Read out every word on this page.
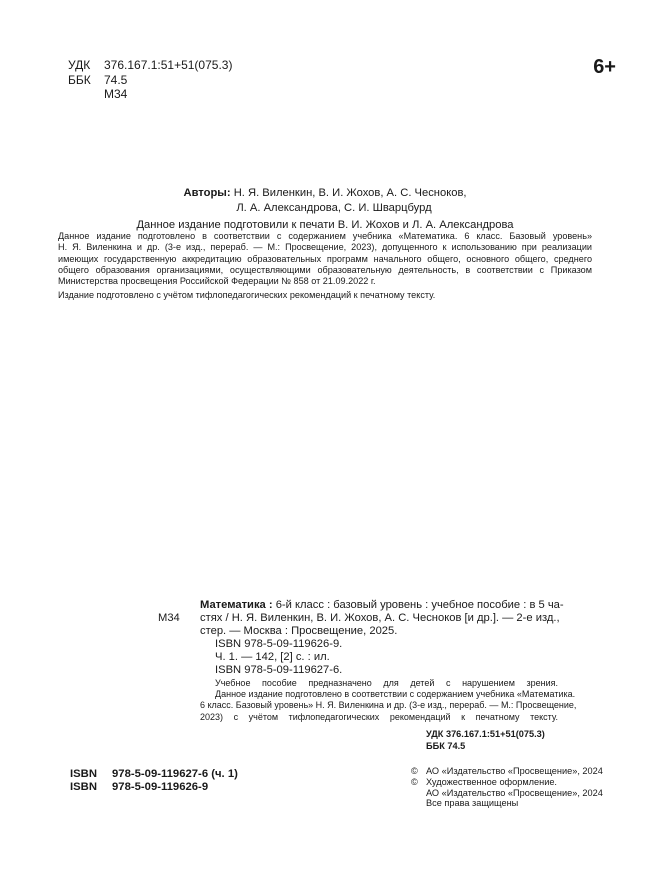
УДК	376.167.1:51+51(075.3)
ББК	74.5
М34
6+
Авторы: Н. Я. Виленкин, В. И. Жохов, А. С. Чесноков,
Л. А. Александрова, С. И. Шварцбурд
Данное издание подготовили к печати В. И. Жохов и Л. А. Александрова
Данное издание подготовлено в соответствии с содержанием учебника «Математика. 6 класс. Базовый уровень»
Н. Я. Виленкина и др. (3-е изд., перераб. — М.: Просвещение, 2023), допущенного к использованию при реализации
имеющих государственную аккредитацию образовательных программ начального общего, основного общего, среднего
общего образования организациями, осуществляющими образовательную деятельность, в соответствии с Приказом
Министерства просвещения Российской Федерации № 858 от 21.09.2022 г.
Издание подготовлено с учётом тифлопедагогических рекомендаций к печатному тексту.
М34
Математика : 6-й класс : базовый уровень : учебное пособие : в 5 ча-
стях / Н. Я. Виленкин, В. И. Жохов, А. С. Чесноков [и др.]. — 2-е изд.,
стер. — Москва : Просвещение, 2025.
ISBN 978-5-09-119626-9.
Ч. 1. — 142, [2] с. : ил.
ISBN 978-5-09-119627-6.
Учебное пособие предназначено для детей с нарушением зрения.
Данное издание подготовлено в соответствии с содержанием учебника «Математика.
6 класс. Базовый уровень» Н. Я. Виленкина и др. (3-е изд., перераб. — М.: Просвещение,
2023) с учётом тифлопедагогических рекомендаций к печатному тексту.
УДК 376.167.1:51+51(075.3)
ББК 74.5
ISBN	978-5-09-119627-6 (ч. 1)
ISBN	978-5-09-119626-9
© АО «Издательство «Просвещение», 2024
© Художественное оформление.
АО «Издательство «Просвещение», 2024
Все права защищены
